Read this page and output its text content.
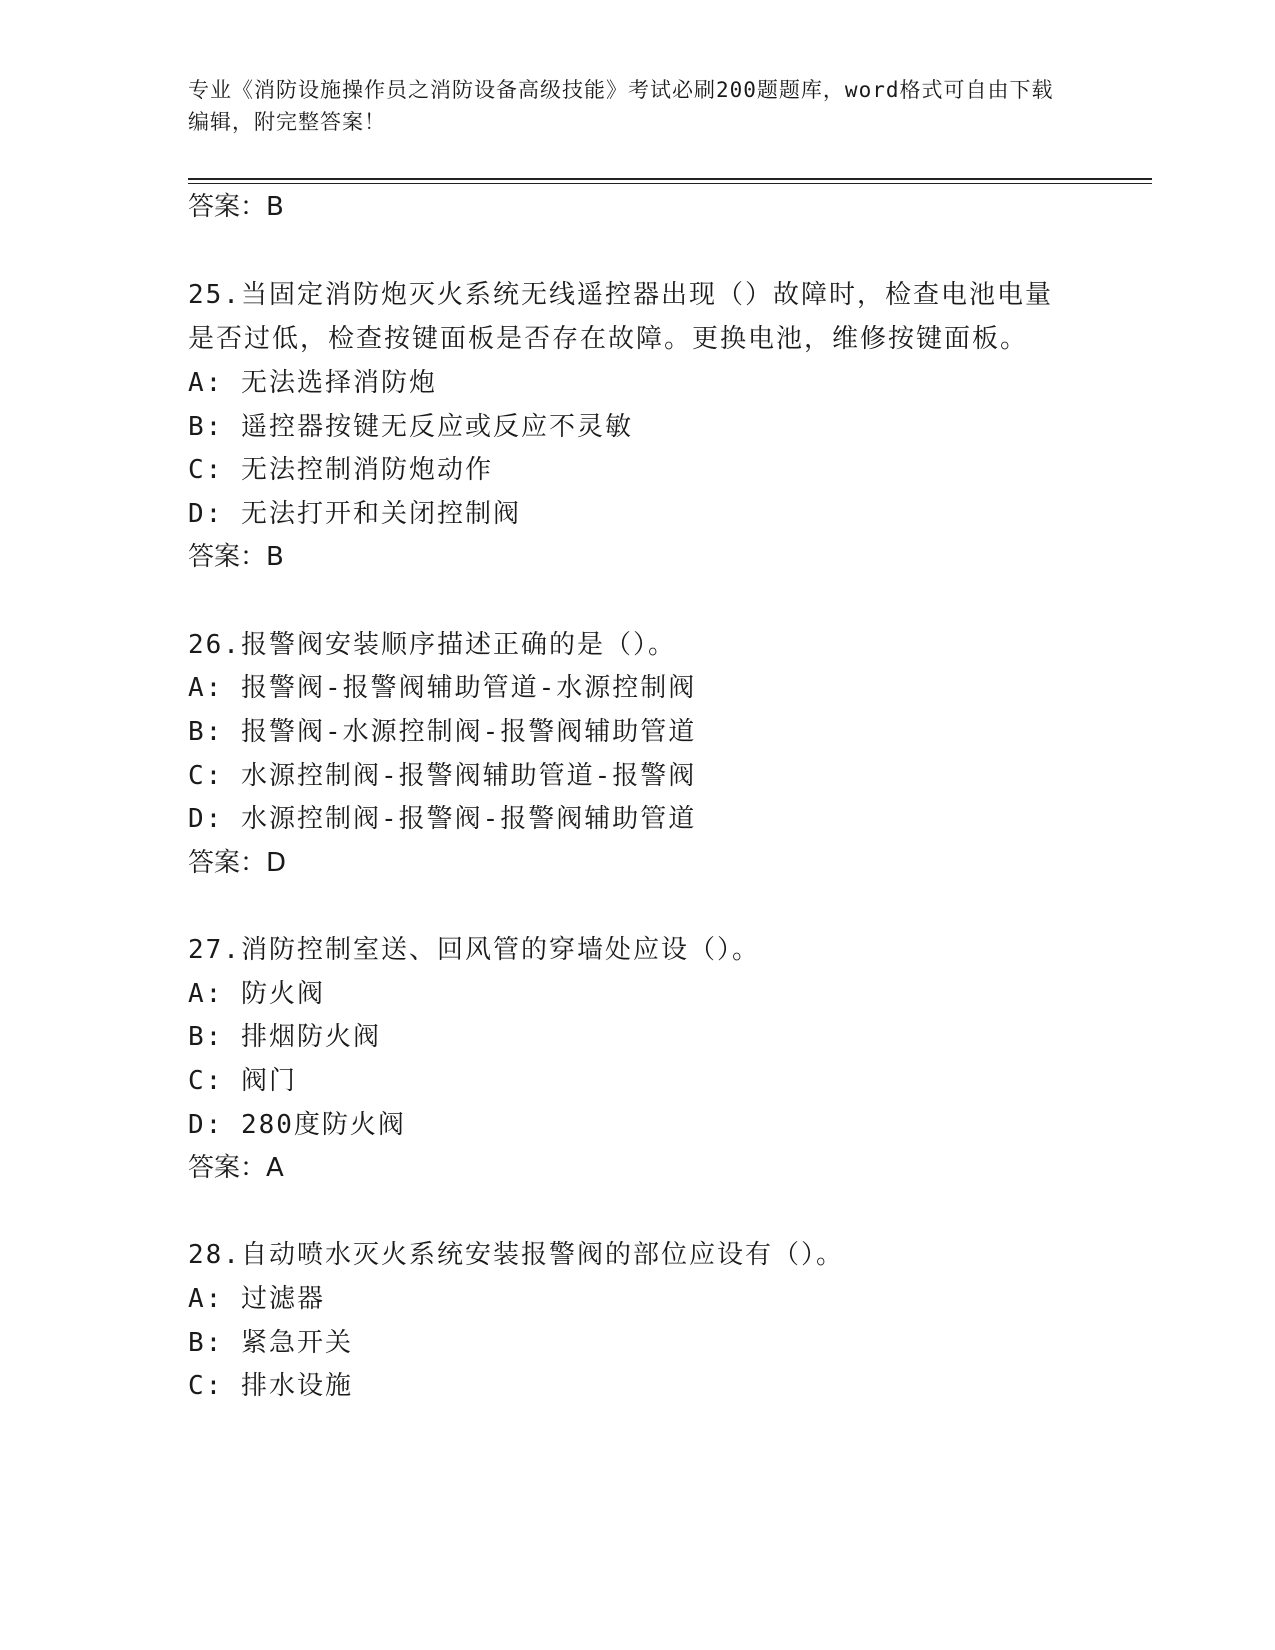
专业《消防设施操作员之消防设备高级技能》考试必刷200题题库，word格式可自由下载编辑，附完整答案！
答案：B
25.当固定消防炮灭火系统无线遥控器出现（）故障时，检查电池电量
是否过低，检查按键面板是否存在故障。更换电池，维修按键面板。
A: 无法选择消防炮
B: 遥控器按键无反应或反应不灵敏
C: 无法控制消防炮动作
D: 无法打开和关闭控制阀
答案：B
26.报警阀安装顺序描述正确的是（）。
A: 报警阀-报警阀辅助管道-水源控制阀
B: 报警阀-水源控制阀-报警阀辅助管道
C: 水源控制阀-报警阀辅助管道-报警阀
D: 水源控制阀-报警阀-报警阀辅助管道
答案：D
27.消防控制室送、回风管的穿墙处应设（）。
A: 防火阀
B: 排烟防火阀
C: 阀门
D: 280度防火阀
答案：A
28.自动喷水灭火系统安装报警阀的部位应设有（）。
A: 过滤器
B: 紧急开关
C: 排水设施
